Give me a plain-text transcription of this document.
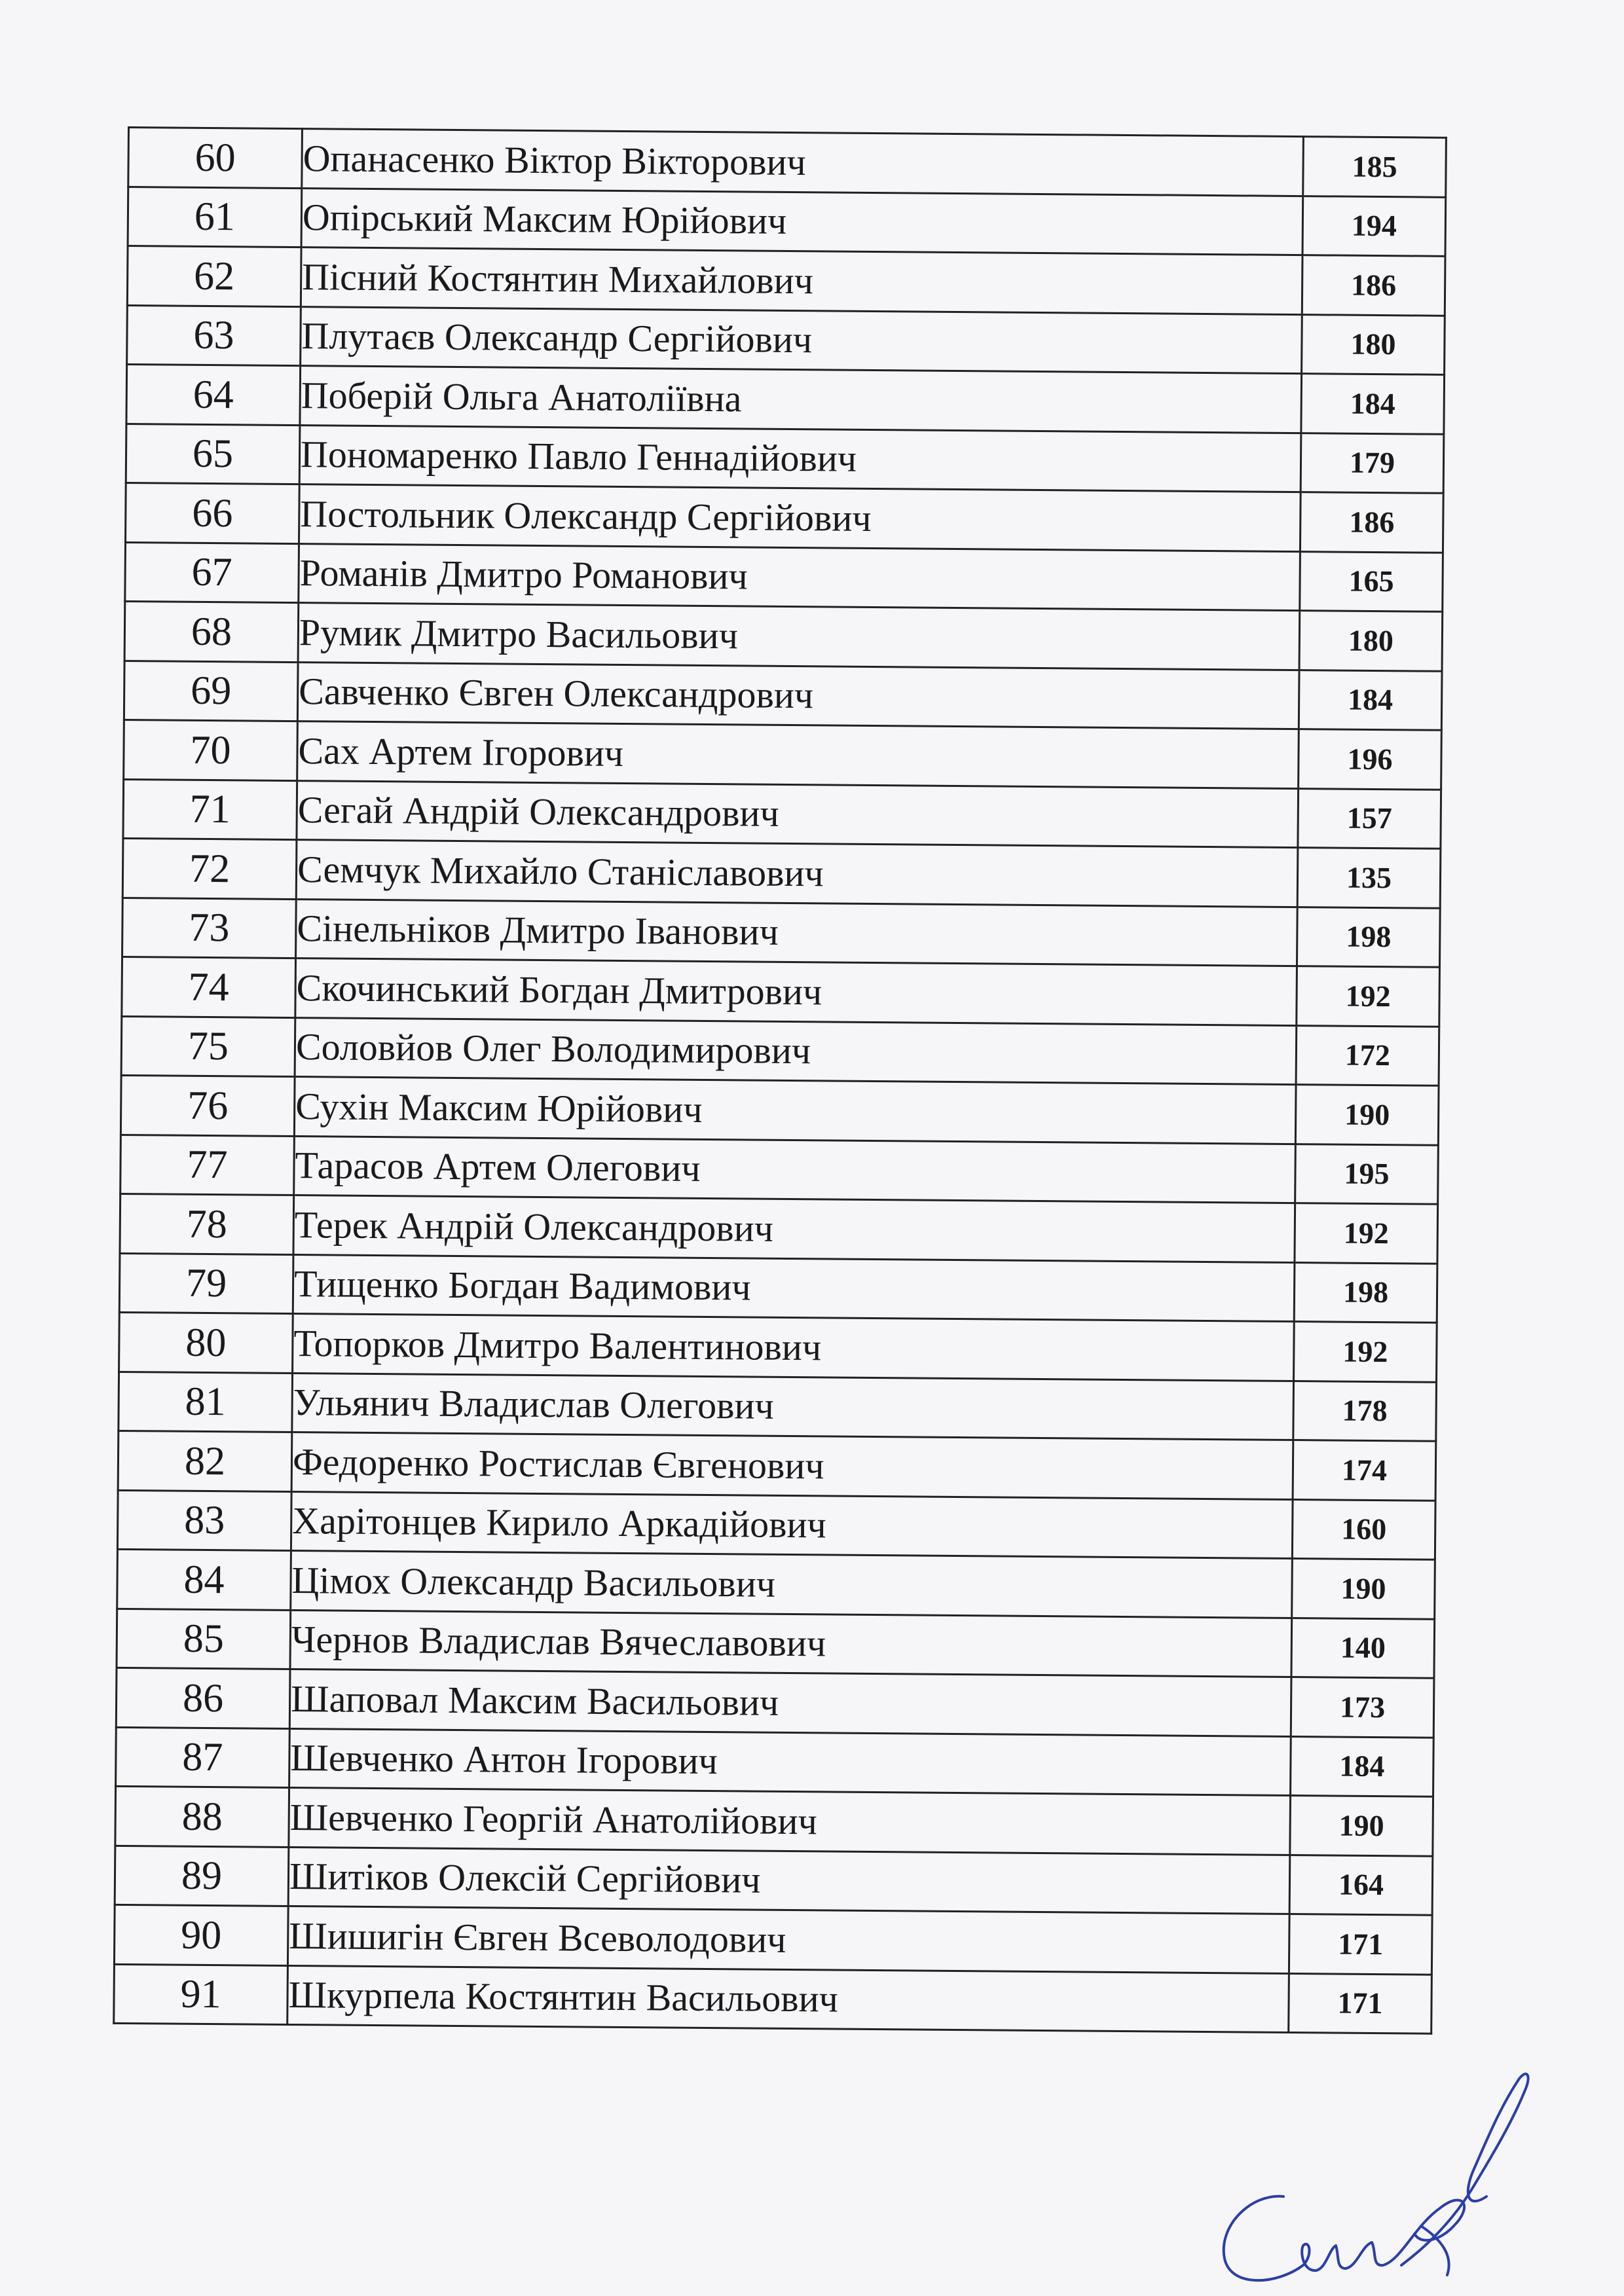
60	Опанасенко Віктор Вікторович	185
61	Опірський Максим Юрійович	194
62	Пісний Костянтин Михайлович	186
63	Плутаєв Олександр Сергійович	180
64	Поберій Ольга Анатоліївна	184
65	Пономаренко Павло Геннадійович	179
66	Постольник Олександр Сергійович	186
67	Романів Дмитро Романович	165
68	Румик Дмитро Васильович	180
69	Савченко Євген Олександрович	184
70	Сах Артем Ігорович	196
71	Сегай Андрій Олександрович	157
72	Семчук Михайло Станіславович	135
73	Сінельніков Дмитро Іванович	198
74	Скочинський Богдан Дмитрович	192
75	Соловйов Олег Володимирович	172
76	Сухін Максим Юрійович	190
77	Тарасов Артем Олегович	195
78	Терек Андрій Олександрович	192
79	Тищенко Богдан Вадимович	198
80	Топорков Дмитро Валентинович	192
81	Ульянич Владислав Олегович	178
82	Федоренко Ростислав Євгенович	174
83	Харітонцев Кирило Аркадійович	160
84	Цімох Олександр Васильович	190
85	Чернов Владислав Вячеславович	140
86	Шаповал Максим Васильович	173
87	Шевченко Антон Ігорович	184
88	Шевченко Георгій Анатолійович	190
89	Шитіков Олексій Сергійович	164
90	Шишигін Євген Всеволодович	171
91	Шкурпела Костянтин Васильович	171
